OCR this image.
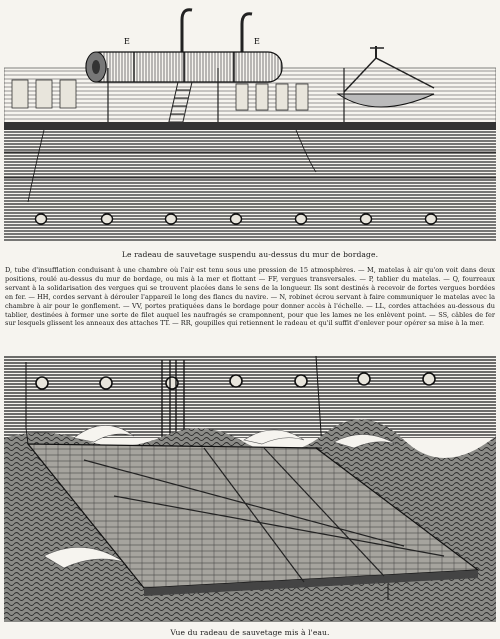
E	E
Le radeau de sauvetage suspendu au-dessus du mur de bordage.
D, tube d'insufflation conduisant à une chambre où l'air est tenu sous une pression de 15 atmosphères. — M, matelas à air qu'on voit dans deux positions, roulé au-dessus du mur de bordage, ou mis à la mer et flottant — FF, vergues transversales. — P, tablier du matelas. — Q, fourreaux servant à la solidarisation des vergues qui se trouvent placées dans le sens de la longueur. Ils sont destinés à recevoir de fortes vergues bordées en fer. — HH, cordes servant à dérouler l'appareil le long des flancs du navire. — N, robinet écrou servant à faire communiquer le matelas avec la chambre à air pour le gonflement. — VV, portes pratiquées dans le bordage pour donner accès à l'échelle. — LL, cordes attachées au-dessous du tablier, destinées à former une sorte de filet auquel les naufragés se cramponnent, pour que les lames ne les enlèvent point. — SS, câbles de fer sur lesquels glissent les anneaux des attaches TT. — RR, goupilles qui retiennent le radeau et qu'il suffit d'enlever pour opérer sa mise à la mer.
Vue du radeau de sauvetage mis à l'eau.
